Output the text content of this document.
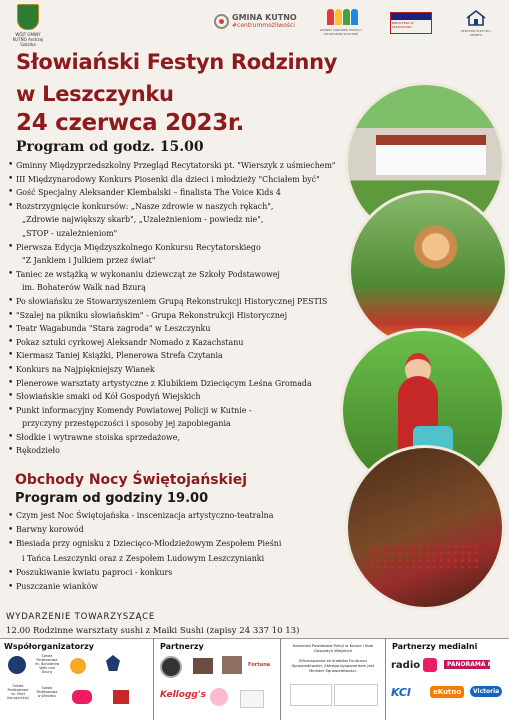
WÓJT GMINY KUTNO Andrzej Szóstka
GMINA KUTNO
#centrummożliwości
GMINNY OŚRODEK POMOCY SPOŁECZNEJ W KUTNIE
BIBLIOTEKA W LESZCZYNKU
CENTRUM KULTURY I SPORTU
Słowiański Festyn Rodzinny
w Leszczynku
24 czerwca 2023r.
Program od godz. 15.00
• Gminny Międzyprzedszkolny Przegląd Recytatorski pt. "Wierszyk z uśmiechem"
• III Międzynarodowy Konkurs Piosenki dla dzieci i młodzieży "Chciałem być"
• Gość Specjalny Aleksander Klembalski – finalista The Voice Kids 4
• Rozstrzygnięcie konkursów: „Nasze zdrowie w naszych rękach",
„Zdrowie największy skarb", „Uzależnieniom - powiedz nie",
„STOP - uzależnieniom"
• Pierwsza Edycja Międzyszkolnego Konkursu Recytatorskiego
"Z Jankiem i Julkiem przez świat"
• Taniec ze wstążką w wykonaniu dziewcząt ze Szkoły Podstawowej
im. Bohaterów Walk nad Bzurą
• Po słowiańsku ze Stowarzyszeniem Grupą Rekonstrukcji Historycznej PESTIS
• "Szalej na pikniku słowiańskim" - Grupa Rekonstrukcji Historycznej
• Teatr Wagabunda "Stara zagroda" w Leszczynku
• Pokaz sztuki cyrkowej Aleksandr Nomado z Kazachstanu
• Kiermasz Taniej Książki, Plenerowa Strefa Czytania
• Konkurs na Najpiękniejszy Wianek
• Plenerowe warsztaty artystyczne z Klubikiem Dziecięcym Leśna Gromada
• Słowiańskie smaki od Kół Gospodyń Wiejskich
• Punkt informacyjny Komendy Powiatowej Policji w Kutnie -
przyczyny przestępczości i sposoby jej zapobiegania
• Słodkie i wytrawne stoiska sprzedażowe,
• Rękodzieło
Obchody Nocy Świętojańskiej
Program od godziny 19.00
• Czym jest Noc Świętojańska - inscenizacja artystyczno-teatralna
• Barwny korowód
• Biesiada przy ognisku z Dziecięco-Młodzieżowym Zespołem Pieśni
i Tańca Leszczynki oraz z Zespołem Ludowym Leszczynianki
• Poszukiwanie kwiatu paproci - konkurs
• Puszczanie wianków
WYDARZENIE TOWARZYSZĄCE
12.00 Rodzinne warsztaty sushi z Maiki Sushi (zapisy 24 337 10 13)
Współorganizatorzy	Partnerzy	Partnerzy medialni
Szkoła Podstawowa im. Bohaterów Walk nad Bzurą
Szkoła Podstawowa im. Marii Konopnickiej
Szkoła Podstawowa w Wierzbiu
Fortuna
Kellogg's
Komenda Powiatowa Policji w Kutnie i Koła Gospodyń Wiejskich
Sfinansowane ze środków Funduszu Sprawiedliwości, którego dysponentem jest Minister Sprawiedliwości.	radio	PANORAMA Kutna
KCI	eKutno	Victoria
